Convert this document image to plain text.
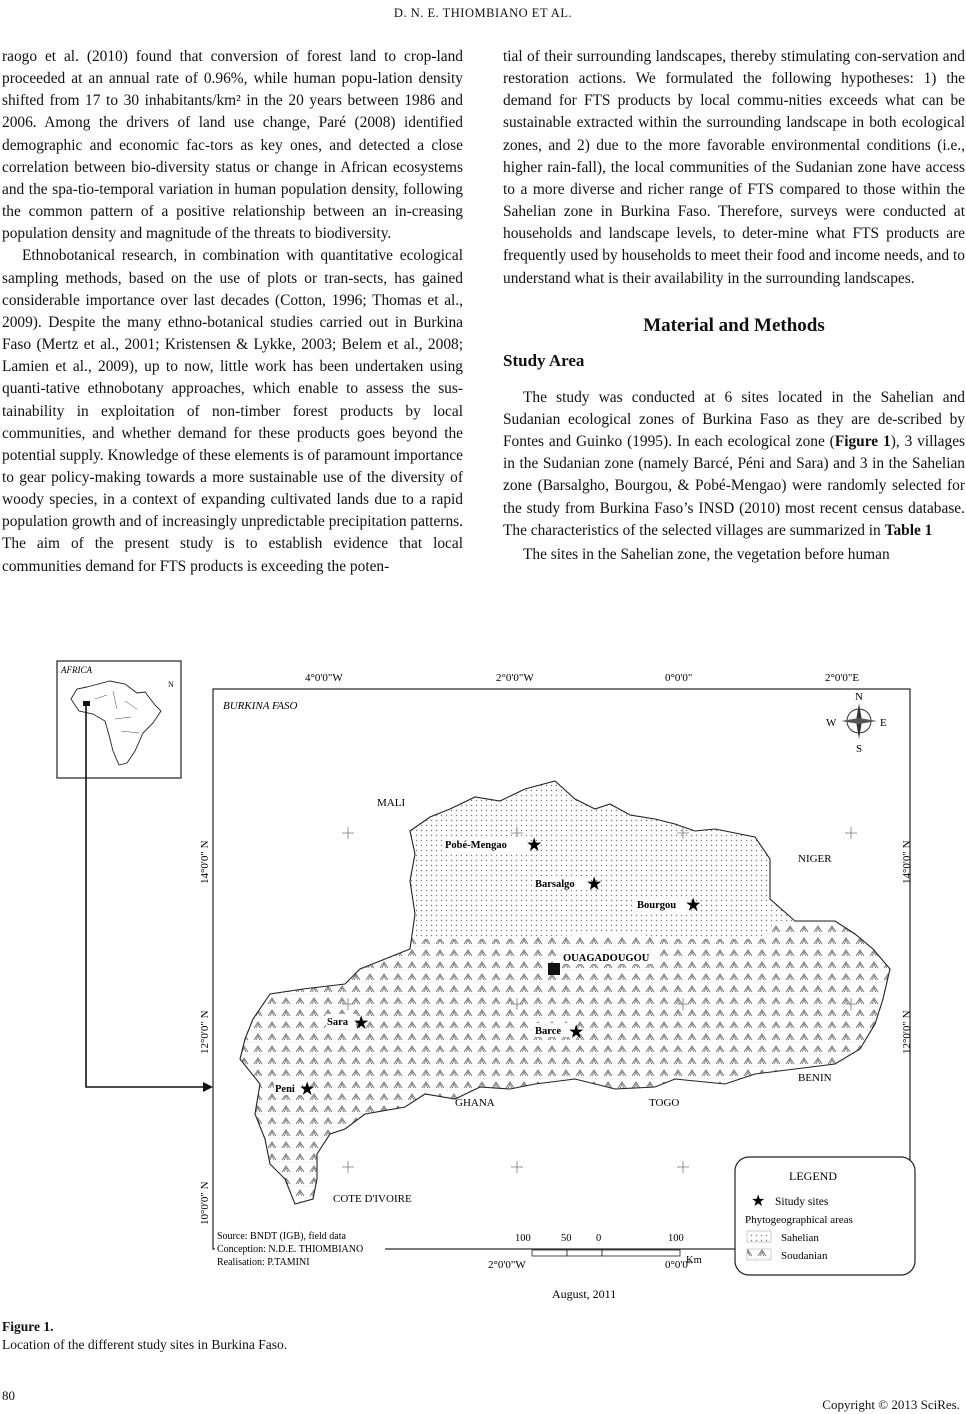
D. N. E. THIOMBIANO ET AL.

raogo et al. (2010) found that conversion of forest land to crop-land proceeded at an annual rate of 0.96%, while human popu-lation density shifted from 17 to 30 inhabitants/km² in the 20 years between 1986 and 2006. Among the drivers of land use change, Paré (2008) identified demographic and economic fac-tors as key ones, and detected a close correlation between bio-diversity status or change in African ecosystems and the spa-tio-temporal variation in human population density, following the common pattern of a positive relationship between an in-creasing population density and magnitude of the threats to biodiversity.

Ethnobotanical research, in combination with quantitative ecological sampling methods, based on the use of plots or tran-sects, has gained considerable importance over last decades (Cotton, 1996; Thomas et al., 2009). Despite the many ethno-botanical studies carried out in Burkina Faso (Mertz et al., 2001; Kristensen & Lykke, 2003; Belem et al., 2008; Lamien et al., 2009), up to now, little work has been undertaken using quanti-tative ethnobotany approaches, which enable to assess the sus-tainability in exploitation of non-timber forest products by local communities, and whether demand for these products goes beyond the potential supply. Knowledge of these elements is of paramount importance to gear policy-making towards a more sustainable use of the diversity of woody species, in a context of expanding cultivated lands due to a rapid population growth and of increasingly unpredictable precipitation patterns. The aim of the present study is to establish evidence that local communities demand for FTS products is exceeding the poten-

tial of their surrounding landscapes, thereby stimulating con-servation and restoration actions. We formulated the following hypotheses: 1) the demand for FTS products by local commu-nities exceeds what can be sustainable extracted within the surrounding landscape in both ecological zones, and 2) due to the more favorable environmental conditions (i.e., higher rain-fall), the local communities of the Sudanian zone have access to a more diverse and richer range of FTS compared to those within the Sahelian zone in Burkina Faso. Therefore, surveys were conducted at households and landscape levels, to deter-mine what FTS products are frequently used by households to meet their food and income needs, and to understand what is their availability in the surrounding landscapes.

Material and Methods
Study Area

The study was conducted at 6 sites located in the Sahelian and Sudanian ecological zones of Burkina Faso as they are de-scribed by Fontes and Guinko (1995). In each ecological zone (Figure 1), 3 villages in the Sudanian zone (namely Barcé, Péni and Sara) and 3 in the Sahelian zone (Barsalgho, Bourgou, & Pobé-Mengao) were randomly selected for the study from Burkina Faso’s INSD (2010) most recent census database. The characteristics of the selected villages are summarized in Table 1

The sites in the Sahelian zone, the vegetation before human

AFRICA
N
4°0'0"W	2°0'0"W	0°0'0"	2°0'0"E
2°0'0"W	0°0'0"
14°0'0" N
12°0'0" N
10°0'0" N
14°0'0" N
12°0'0" N
BURKINA FASO
N
S
E
W
MALI
NIGER
BENIN
TOGO
GHANA
COTE D'IVOIRE
Pobé-Mengao ★
Barsalgo ★
Bourgou ★
Sara ★	Barce ★
Peni ★
OUAGADOUGOU
LEGEND
★ Situdy sites
Phytogeographical areas
Sahelian
Soudanian
Source: BNDT (IGB), field data
Conception: N.D.E. THIOMBIANO
Realisation: P.TAMINI
100	50 0	100
Km
August, 2011
Figure 1.
Location of the different study sites in Burkina Faso.
80
Copyright © 2013 SciRes.
